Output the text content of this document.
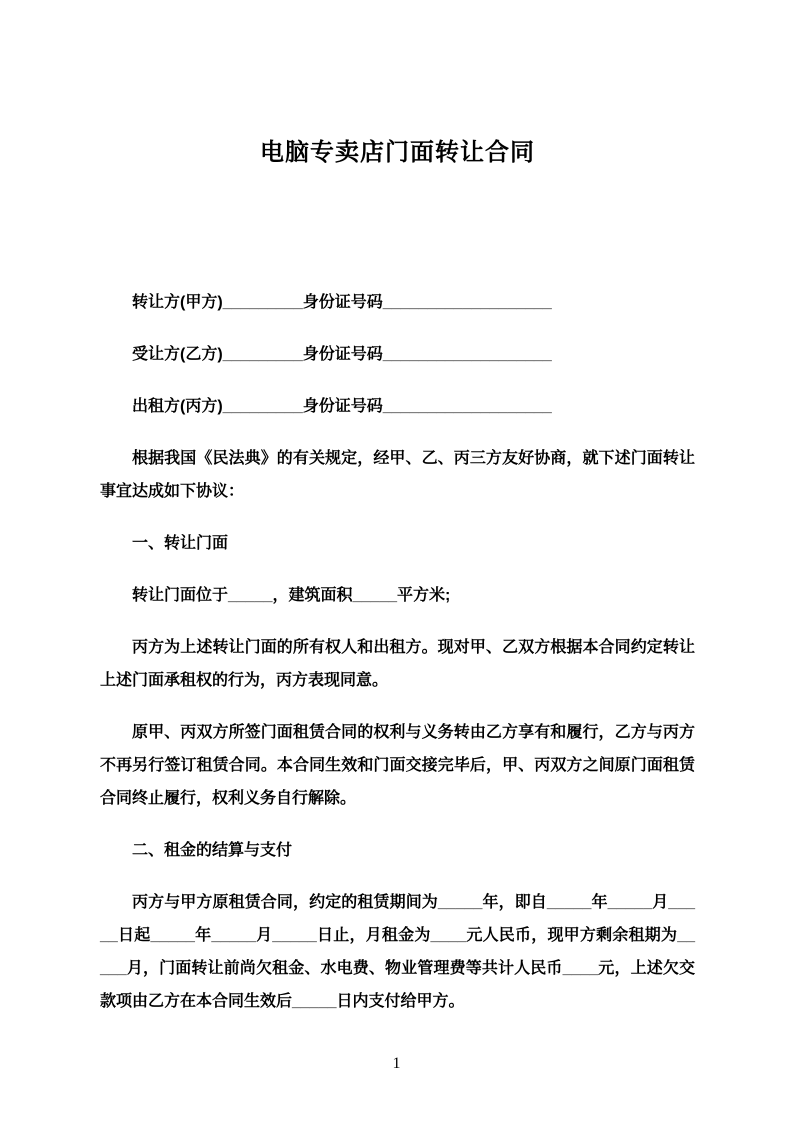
电脑专卖店门面转让合同

转让方(甲方)_________身份证号码___________________

受让方(乙方)_________身份证号码___________________

出租方(丙方)_________身份证号码___________________

根据我国《民法典》的有关规定，经甲、乙、丙三方友好协商，就下述门面转让事宜达成如下协议：

一、转让门面

转让门面位于_____，建筑面积_____平方米;

丙方为上述转让门面的所有权人和出租方。现对甲、乙双方根据本合同约定转让上述门面承租权的行为，丙方表现同意。

原甲、丙双方所签门面租赁合同的权利与义务转由乙方享有和履行，乙方与丙方不再另行签订租赁合同。本合同生效和门面交接完毕后，甲、丙双方之间原门面租赁合同终止履行，权利义务自行解除。

二、租金的结算与支付

丙方与甲方原租赁合同，约定的租赁期间为_____年，即自_____年_____月_____日起_____年_____月_____日止，月租金为____元人民币，现甲方剩余租期为_____月，门面转让前尚欠租金、水电费、物业管理费等共计人民币____元，上述欠交款项由乙方在本合同生效后_____日内支付给甲方。

1
